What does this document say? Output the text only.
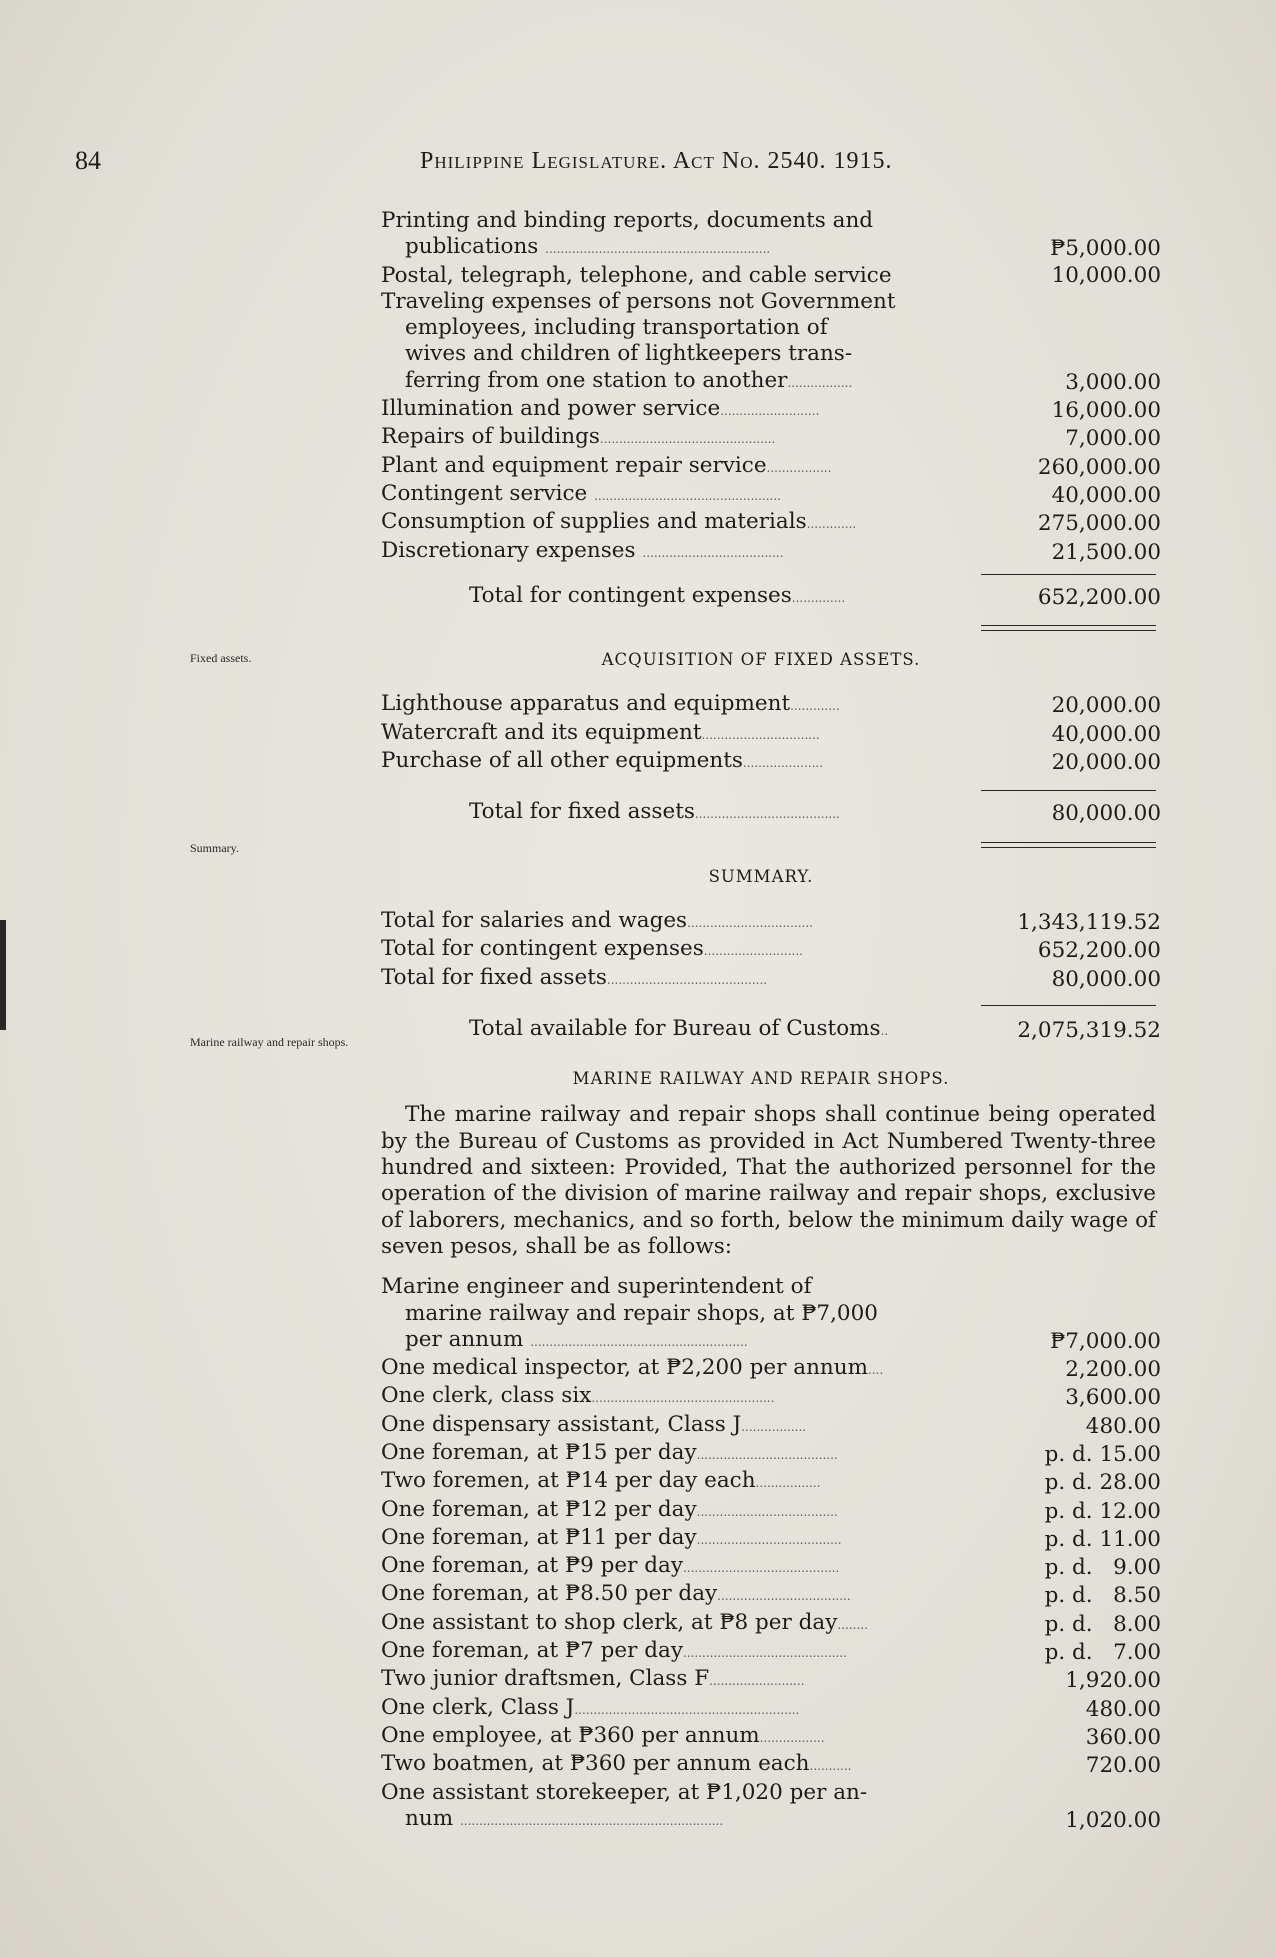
84	Philippine Legislature. Act No. 2540. 1915.
Fixed assets.
Summary.
Marine railway and repair shops.
Printing and binding reports, documents and
publications ...........................................................	₱5,000.00
Postal, telegraph, telephone, and cable service	10,000.00
Traveling expenses of persons not Government
employees, including transportation of
wives and children of lightkeepers trans-
ferring from one station to another.................	3,000.00
Illumination and power service..........................	16,000.00
Repairs of buildings..............................................	7,000.00
Plant and equipment repair service.................	260,000.00
Contingent service .................................................	40,000.00
Consumption of supplies and materials.............	275,000.00
Discretionary expenses .....................................	21,500.00
Total for contingent expenses..............	652,200.00
ACQUISITION OF FIXED ASSETS.
Lighthouse apparatus and equipment.............	20,000.00
Watercraft and its equipment...............................	40,000.00
Purchase of all other equipments.....................	20,000.00
Total for fixed assets......................................	80,000.00
SUMMARY.
Total for salaries and wages.................................	1,343,119.52
Total for contingent expenses..........................	652,200.00
Total for fixed assets..........................................	80,000.00
Total available for Bureau of Customs..	2,075,319.52
MARINE RAILWAY AND REPAIR SHOPS.
The marine railway and repair shops shall continue being operated by the Bureau of Customs as provided in Act Numbered Twenty-three hundred and sixteen: Provided, That the authorized personnel for the operation of the division of marine railway and repair shops, exclusive of laborers, mechanics, and so forth, below the minimum daily wage of seven pesos, shall be as follows:
Marine engineer and superintendent of
marine railway and repair shops, at ₱7,000
per annum .........................................................	₱7,000.00
One medical inspector, at ₱2,200 per annum....	2,200.00
One clerk, class six................................................	3,600.00
One dispensary assistant, Class J.................	480.00
One foreman, at ₱15 per day.....................................	p. d. 15.00
Two foremen, at ₱14 per day each.................	p. d. 28.00
One foreman, at ₱12 per day.....................................	p. d. 12.00
One foreman, at ₱11 per day......................................	p. d. 11.00
One foreman, at ₱9 per day.........................................	p. d.   9.00
One foreman, at ₱8.50 per day...................................	p. d.   8.50
One assistant to shop clerk, at ₱8 per day........	p. d.   8.00
One foreman, at ₱7 per day...........................................	p. d.   7.00
Two junior draftsmen, Class F.........................	1,920.00
One clerk, Class J...........................................................	480.00
One employee, at ₱360 per annum.................	360.00
Two boatmen, at ₱360 per annum each...........	720.00
One assistant storekeeper, at ₱1,020 per an-
num .....................................................................	1,020.00
